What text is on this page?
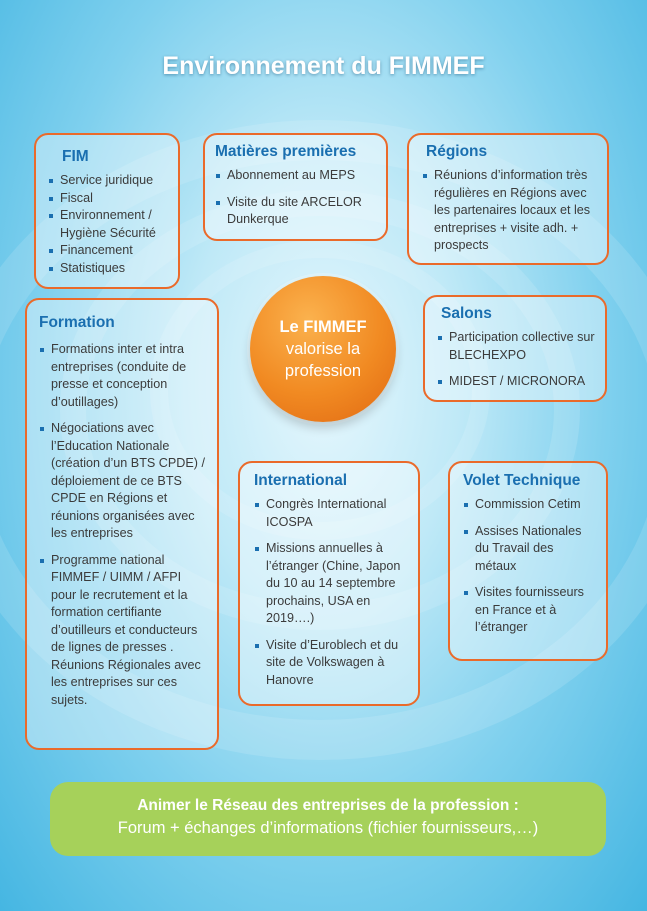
Environnement du FIMMEF
FIM
Service juridique
Fiscal
Environnement / Hygiène Sécurité
Financement
Statistiques
Matières premières
Abonnement au MEPS
Visite du site ARCELOR Dunkerque
Régions
Réunions d’information très régulières en Régions avec les partenaires locaux et les entreprises + visite adh. + prospects
Formation
Formations inter et intra entreprises (conduite de presse et conception d’outillages)
Négociations avec l’Education Nationale (création d’un BTS CPDE) / déploiement de ce BTS CPDE en Régions et réunions organisées avec les entreprises
Programme national FIMMEF / UIMM / AFPI pour le recrutement et la formation certifiante d’outilleurs et conducteurs de lignes de presses . Réunions Régionales avec les entreprises sur ces sujets.
Le FIMMEF
valorise la
profession
Salons
Participation collective sur BLECHEXPO
MIDEST / MICRONORA
International
Congrès International ICOSPA
Missions annuelles à l’étranger (Chine, Japon du 10 au 14 septembre prochains, USA en 2019….)
Visite d’Euroblech et du site de Volkswagen à Hanovre
Volet Technique
Commission Cetim
Assises Nationales du Travail des métaux
Visites fournisseurs en France et à l’étranger
Animer le Réseau des entreprises de la profession :
Forum + échanges d’informations (fichier fournisseurs,…)
